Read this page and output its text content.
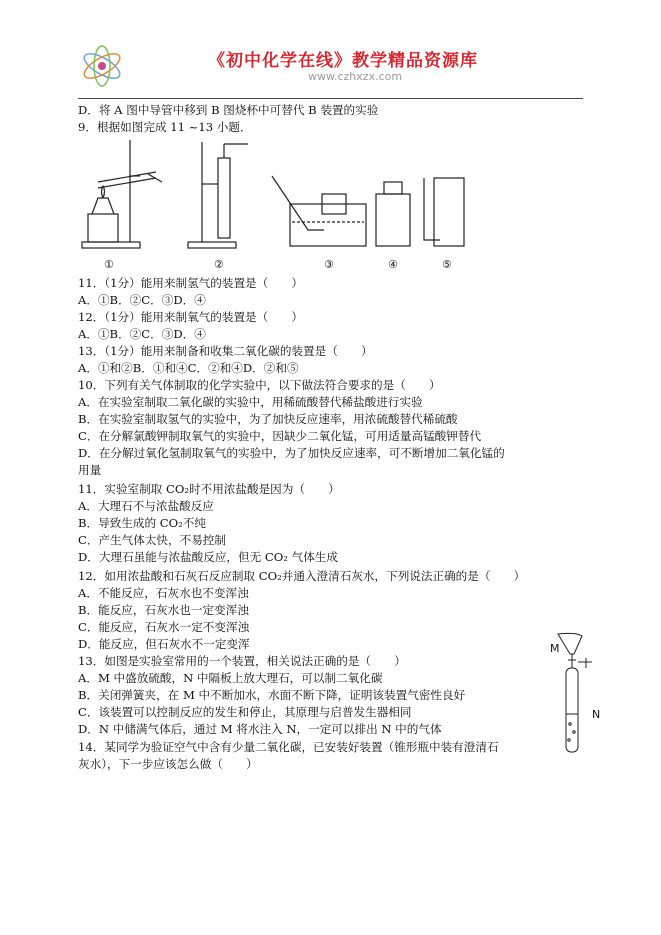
《初中化学在线》教学精品资源库
www.czhxzx.com
D．将 A 图中导管中移到 B 图烧杯中可替代 B 装置的实验
9．根据如图完成 11 ~13 小题．
①	②	③	④	⑤
11．（1分）能用来制氢气的装置是（　　）
A．①B．②C．③D．④
12．（1分）能用来制氧气的装置是（　　）
A．①B．②C．③D．④
13．（1分）能用来制备和收集二氧化碳的装置是（　　）
A．①和②B．①和④C．②和④D．②和⑤
10．下列有关气体制取的化学实验中，以下做法符合要求的是（　　）
A．在实验室制取二氧化碳的实验中，用稀硫酸替代稀盐酸进行实验
B．在实验室制取氢气的实验中，为了加快反应速率，用浓硫酸替代稀硫酸
C．在分解氯酸钾制取氧气的实验中，因缺少二氧化锰，可用适量高锰酸钾替代
D．在分解过氧化氢制取氧气的实验中，为了加快反应速率，可不断增加二氧化锰的
用量
11．实验室制取 CO₂时不用浓盐酸是因为（　　）
A．大理石不与浓盐酸反应
B．导致生成的 CO₂不纯
C．产生气体太快，不易控制
D．大理石虽能与浓盐酸反应，但无 CO₂ 气体生成
12．如用浓盐酸和石灰石反应制取 CO₂并通入澄清石灰水，下列说法正确的是（　　）
A．不能反应，石灰水也不变浑浊
B．能反应，石灰水也一定变浑浊
C．能反应，石灰水一定不变浑浊
D．能反应，但石灰水不一定变浑
13．如图是实验室常用的一个装置，相关说法正确的是（　　）
A．M 中盛放硫酸，N 中隔板上放大理石，可以制二氧化碳
B．关闭弹簧夹，在 M 中不断加水，水面不断下降，证明该装置气密性良好
C．该装置可以控制反应的发生和停止，其原理与启普发生器相同
D．N 中储满气体后，通过 M 将水注入 N，一定可以排出 N 中的气体
14．某同学为验证空气中含有少量二氧化碳，已安装好装置（锥形瓶中装有澄清石
灰水），下一步应该怎么做（　　）
M
N
